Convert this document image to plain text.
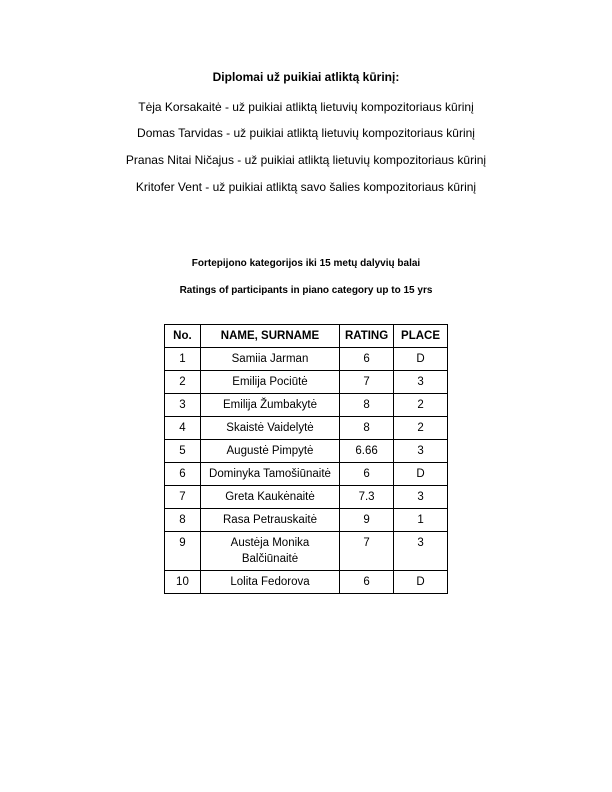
Diplomai už puikiai atliktą kūrinį:
Tėja Korsakaitė - už puikiai atliktą lietuvių kompozitoriaus kūrinį
Domas Tarvidas - už puikiai atliktą lietuvių kompozitoriaus kūrinį
Pranas Nitai Ničajus - už puikiai atliktą lietuvių kompozitoriaus kūrinį
Kritofer Vent - už puikiai atliktą savo šalies kompozitoriaus kūrinį
Fortepijono kategorijos iki 15 metų dalyvių balai
Ratings of participants in piano category up to 15 yrs
No.	NAME, SURNAME	RATING	PLACE
1	Samiia Jarman	6	D
2	Emilija Pociūtė	7	3
3	Emilija Žumbakytė	8	2
4	Skaistė Vaidelytė	8	2
5	Augustė Pimpytė	6.66	3
6	Dominyka Tamošiūnaitė	6	D
7	Greta Kaukėnaitė	7.3	3
8	Rasa Petrauskaitė	9	1
9	Austėja Monika Balčiūnaitė	7	3
10	Lolita Fedorova	6	D
